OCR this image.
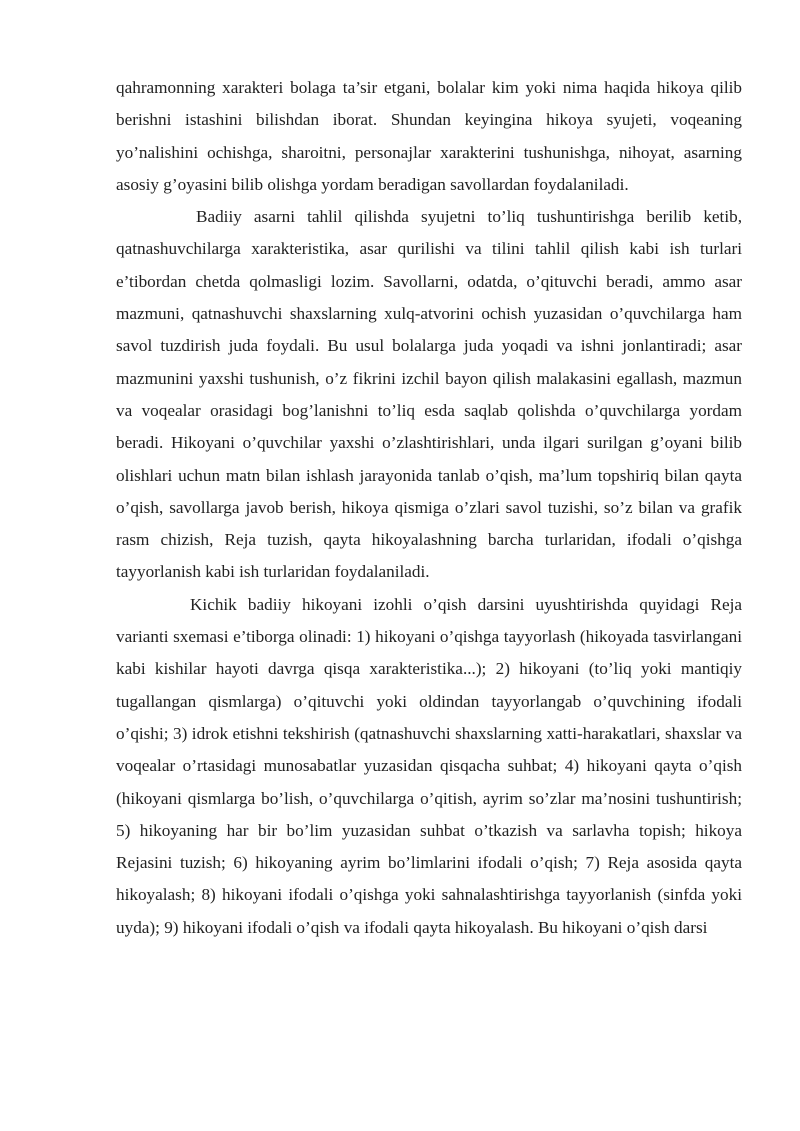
qahramonning xarakteri bolaga ta’sir etgani, bolalar kim yoki nima haqida hikoya qilib berishni istashini bilishdan iborat. Shundan keyingina hikoya syujeti, voqeaning yo’nalishini ochishga, sharoitni, personajlar xarakterini tushunishga, nihoyat, asarning asosiy g’oyasini bilib olishga yordam beradigan savollardan foydalaniladi.

Badiiy asarni tahlil qilishda syujetni to’liq tushuntirishga berilib ketib, qatnashuvchilarga xarakteristika, asar qurilishi va tilini tahlil qilish kabi ish turlari e’tibordan chetda qolmasligi lozim. Savollarni, odatda, o’qituvchi beradi, ammo asar mazmuni, qatnashuvchi shaxslarning xulq-atvorini ochish yuzasidan o’quvchilarga ham savol tuzdirish juda foydali. Bu usul bolalarga juda yoqadi va ishni jonlantiradi; asar mazmunini yaxshi tushunish, o’z fikrini izchil bayon qilish malakasini egallash, mazmun va voqealar orasidagi bog’lanishni to’liq esda saqlab qolishda o’quvchilarga yordam beradi. Hikoyani o’quvchilar yaxshi o’zlashtirishlari, unda ilgari surilgan g’oyani bilib olishlari uchun matn bilan ishlash jarayonida tanlab o’qish, ma’lum topshiriq bilan qayta o’qish, savollarga javob berish, hikoya qismiga o’zlari savol tuzishi, so’z bilan va grafik rasm chizish, Reja tuzish, qayta hikoyalashning barcha turlaridan, ifodali o’qishga tayyorlanish kabi ish turlaridan foydalaniladi.

Kichik badiiy hikoyani izohli o’qish darsini uyushtirishda quyidagi Reja varianti sxemasi e’tiborga olinadi: 1) hikoyani o’qishga tayyorlash (hikoyada tasvirlangani kabi kishilar hayoti davrga qisqa xarakteristika...); 2) hikoyani (to’liq yoki mantiqiy tugallangan qismlarga) o’qituvchi yoki oldindan tayyorlangab o’quvchining ifodali o’qishi; 3) idrok etishni tekshirish (qatnashuvchi shaxslarning xatti-harakatlari, shaxslar va voqealar o’rtasidagi munosabatlar yuzasidan qisqacha suhbat; 4) hikoyani qayta o’qish (hikoyani qismlarga bo’lish, o’quvchilarga o’qitish, ayrim so’zlar ma’nosini tushuntirish; 5) hikoyaning har bir bo’lim yuzasidan suhbat o’tkazish va sarlavha topish; hikoya Rejasini tuzish; 6) hikoyaning ayrim bo’limlarini ifodali o’qish; 7) Reja asosida qayta hikoyalash; 8) hikoyani ifodali o’qishga yoki sahnalashtirishga tayyorlanish (sinfda yoki uyda); 9) hikoyani ifodali o’qish va ifodali qayta hikoyalash. Bu hikoyani o’qish darsi
